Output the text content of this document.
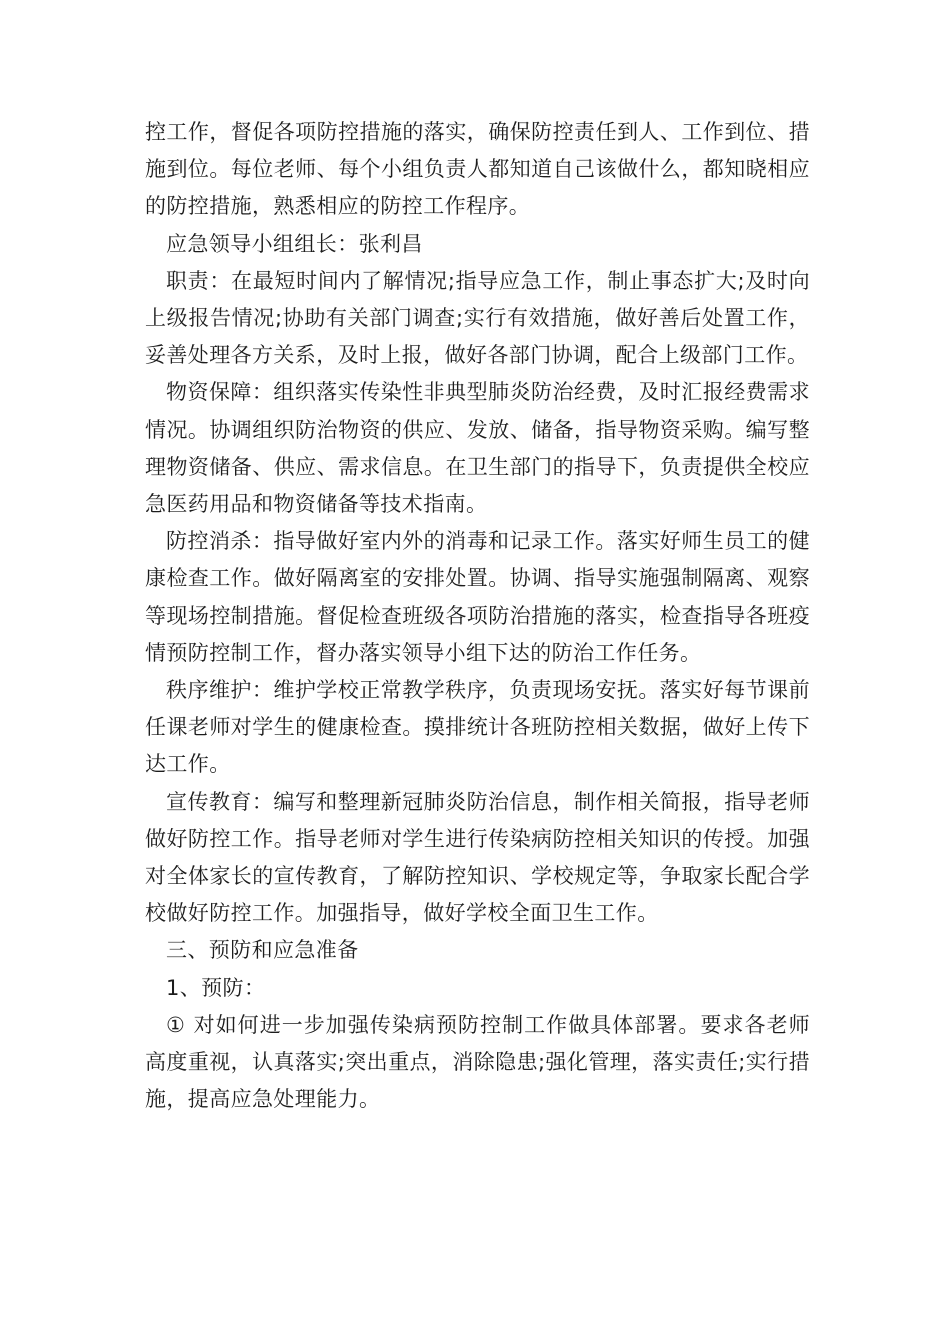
控工作，督促各项防控措施的落实，确保防控责任到人、工作到位、措施到位。每位老师、每个小组负责人都知道自己该做什么，都知晓相应的防控措施，熟悉相应的防控工作程序。

应急领导小组组长：张利昌

职责：在最短时间内了解情况;指导应急工作，制止事态扩大;及时向上级报告情况;协助有关部门调查;实行有效措施，做好善后处置工作，妥善处理各方关系，及时上报，做好各部门协调，配合上级部门工作。

物资保障：组织落实传染性非典型肺炎防治经费，及时汇报经费需求情况。协调组织防治物资的供应、发放、储备，指导物资采购。编写整理物资储备、供应、需求信息。在卫生部门的指导下，负责提供全校应急医药用品和物资储备等技术指南。

防控消杀：指导做好室内外的消毒和记录工作。落实好师生员工的健康检查工作。做好隔离室的安排处置。协调、指导实施强制隔离、观察等现场控制措施。督促检查班级各项防治措施的落实，检查指导各班疫情预防控制工作，督办落实领导小组下达的防治工作任务。

秩序维护：维护学校正常教学秩序，负责现场安抚。落实好每节课前任课老师对学生的健康检查。摸排统计各班防控相关数据，做好上传下达工作。

宣传教育：编写和整理新冠肺炎防治信息，制作相关简报，指导老师做好防控工作。指导老师对学生进行传染病防控相关知识的传授。加强对全体家长的宣传教育，了解防控知识、学校规定等，争取家长配合学校做好防控工作。加强指导，做好学校全面卫生工作。

三、预防和应急准备

1、预防：

① 对如何进一步加强传染病预防控制工作做具体部署。要求各老师高度重视，认真落实;突出重点，消除隐患;强化管理，落实责任;实行措施，提高应急处理能力。
